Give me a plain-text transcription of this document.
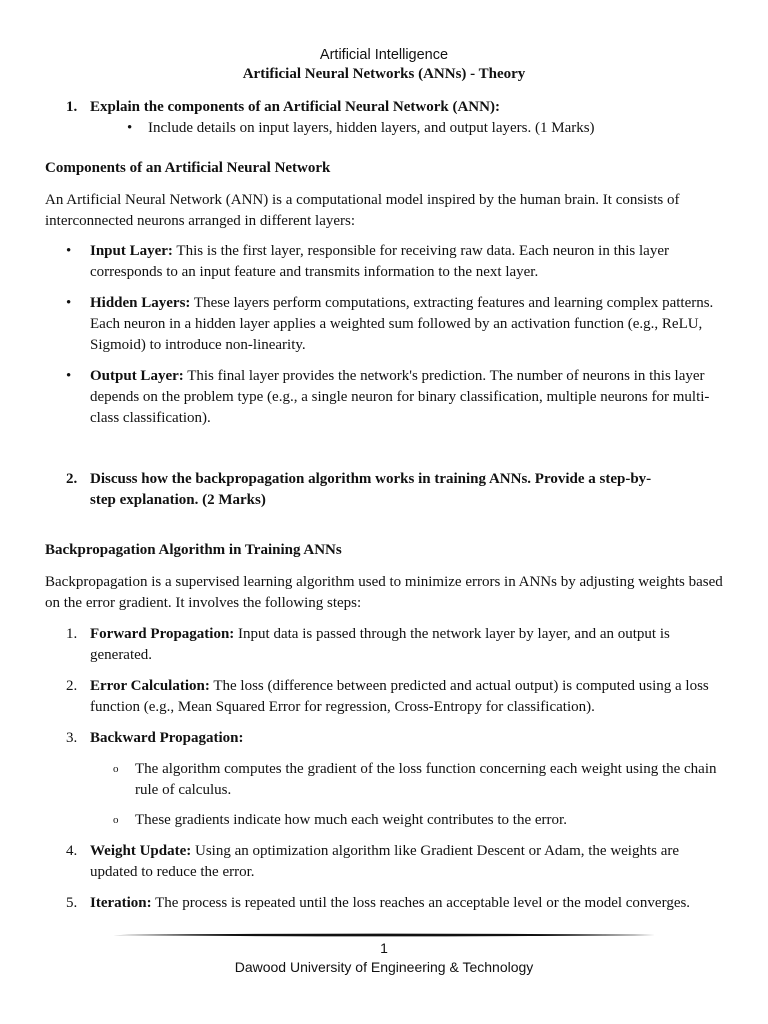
Artificial Intelligence
Artificial Neural Networks (ANNs) - Theory
1. Explain the components of an Artificial Neural Network (ANN):
• Include details on input layers, hidden layers, and output layers. (1 Marks)
Components of an Artificial Neural Network
An Artificial Neural Network (ANN) is a computational model inspired by the human brain. It consists of interconnected neurons arranged in different layers:
• Input Layer: This is the first layer, responsible for receiving raw data. Each neuron in this layer corresponds to an input feature and transmits information to the next layer.
• Hidden Layers: These layers perform computations, extracting features and learning complex patterns. Each neuron in a hidden layer applies a weighted sum followed by an activation function (e.g., ReLU, Sigmoid) to introduce non-linearity.
• Output Layer: This final layer provides the network's prediction. The number of neurons in this layer depends on the problem type (e.g., a single neuron for binary classification, multiple neurons for multi-class classification).
2. Discuss how the backpropagation algorithm works in training ANNs. Provide a step-by-step explanation. (2 Marks)
Backpropagation Algorithm in Training ANNs
Backpropagation is a supervised learning algorithm used to minimize errors in ANNs by adjusting weights based on the error gradient. It involves the following steps:
1. Forward Propagation: Input data is passed through the network layer by layer, and an output is generated.
2. Error Calculation: The loss (difference between predicted and actual output) is computed using a loss function (e.g., Mean Squared Error for regression, Cross-Entropy for classification).
3. Backward Propagation:
o The algorithm computes the gradient of the loss function concerning each weight using the chain rule of calculus.
o These gradients indicate how much each weight contributes to the error.
4. Weight Update: Using an optimization algorithm like Gradient Descent or Adam, the weights are updated to reduce the error.
5. Iteration: The process is repeated until the loss reaches an acceptable level or the model converges.
1
Dawood University of Engineering & Technology
